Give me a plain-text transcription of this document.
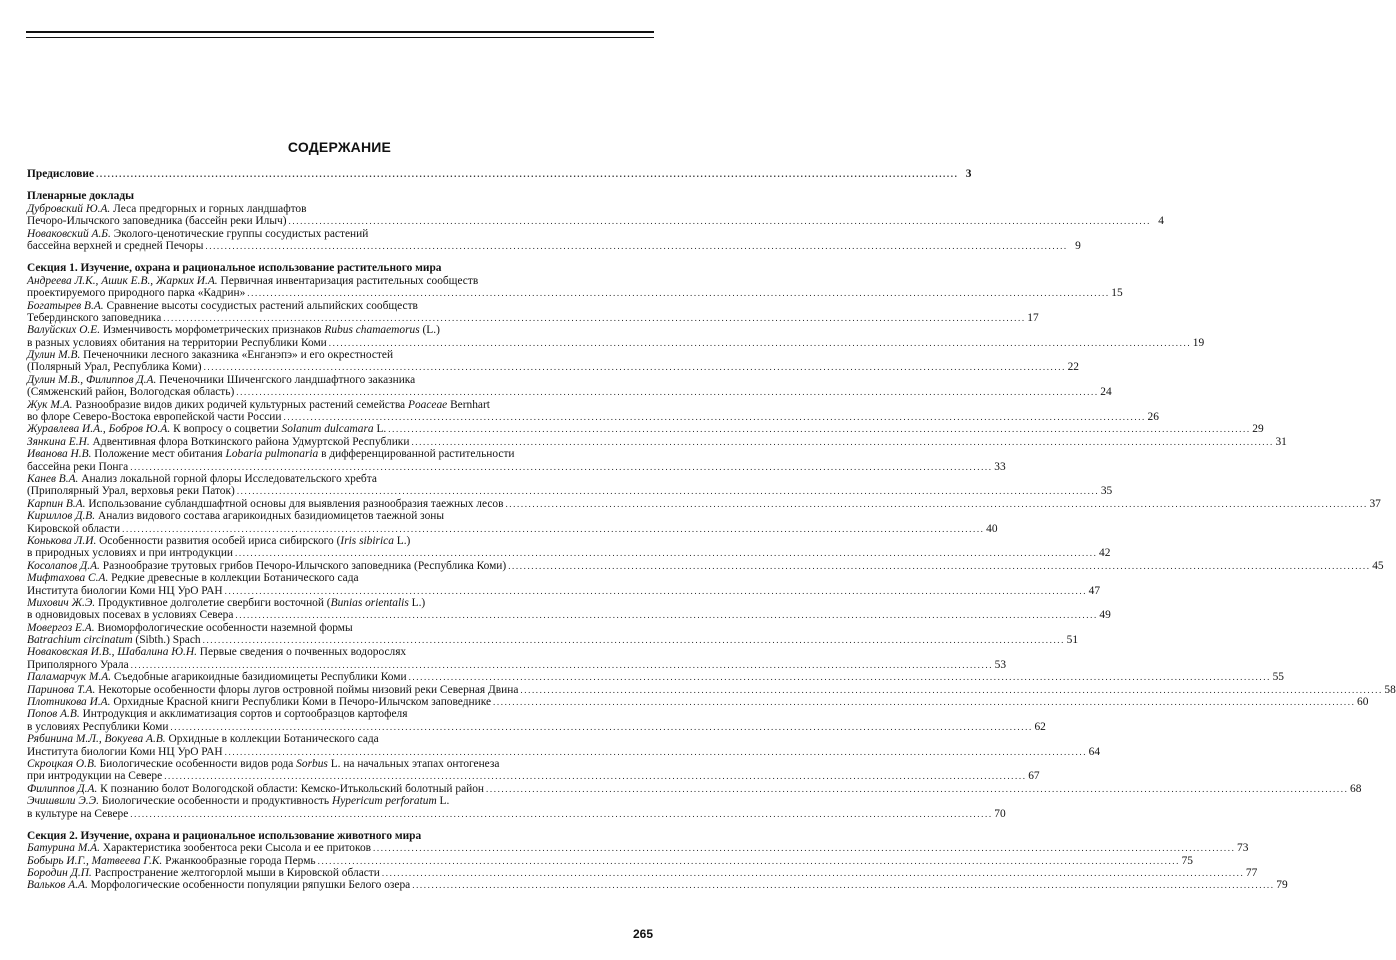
СОДЕРЖАНИЕ
Предисловие .....	3
Пленарные доклады
Дубровский Ю.А. Леса предгорных и горных ландшафтов
Печоро-Илычского заповедника (бассейн реки Илыч) .....	4
Новаковский А.Б. Эколого-ценотические группы сосудистых растений
бассейна верхней и средней Печоры .....	9
Секция 1. Изучение, охрана и рациональное использование растительного мира
Андреева Л.К., Ашик Е.В., Жарких И.А. Первичная инвентаризация растительных сообществ
проектируемого природного парка «Кадрин» .....	15
Богатырев В.А. Сравнение высоты сосудистых растений альпийских сообществ
Тебердинского заповедника .....	17
Валуйских О.Е. Изменчивость морфометрических признаков Rubus chamaemorus (L.)
в разных условиях обитания на территории Республики Коми .....	19
Дулин М.В. Печеночники лесного заказника «Енганэпэ» и его окрестностей
(Полярный Урал, Республика Коми) .....	22
Дулин М.В., Филиппов Д.А. Печеночники Шиченгского ландшафтного заказника
(Сямженский район, Вологодская область) .....	24
Жук М.А. Разнообразие видов диких родичей культурных растений семейства Poaceae Bernhart
во флоре Северо-Востока европейской части России .....	26
Журавлева И.А., Бобров Ю.А. К вопросу о соцветии Solanum dulcamara L. .....	29
Зянкина Е.Н. Адвентивная флора Воткинского района Удмуртской Республики .....	31
Иванова Н.В. Положение мест обитания Lobaria pulmonaria в дифференцированной растительности
бассейна реки Понга .....	33
Канев В.А. Анализ локальной горной флоры Исследовательского хребта
(Приполярный Урал, верховья реки Паток) .....	35
Карпин В.А. Использование субландшафтной основы для выявления разнообразия таежных лесов .....	37
Кириллов Д.В. Анализ видового состава агарикоидных базидиомицетов таежной зоны
Кировской области .....	40
Конькова Л.И. Особенности развития особей ириса сибирского (Iris sibirica L.)
в природных условиях и при интродукции .....	42
Косолапов Д.А. Разнообразие трутовых грибов Печоро-Илычского заповедника (Республика Коми) .....	45
Мифтахова С.А. Редкие древесные в коллекции Ботанического сада
Института биологии Коми НЦ УрО РАН .....	47
Михович Ж.Э. Продуктивное долголетие свербиги восточной (Bunias orientalis L.)
в одновидовых посевах в условиях Севера .....	49
Мовергоз Е.А. Виоморфологические особенности наземной формы
Batrachium circinatum (Sibth.) Spach .....	51
Новаковская И.В., Шабалина Ю.Н. Первые сведения о почвенных водорослях
Приполярного Урала .....	53
Паламарчук М.А. Съедобные агарикоидные базидиомицеты Республики Коми .....	55
Паринова Т.А. Некоторые особенности флоры лугов островной поймы низовий реки Северная Двина .....	58
Плотникова И.А. Орхидные Красной книги Республики Коми в Печоро-Илычском заповеднике .....	60
Попов А.В. Интродукция и акклиматизация сортов и сортообразцов картофеля
в условиях Республики Коми .....	62
Рябинина М.Л., Вокуева А.В. Орхидные в коллекции Ботанического сада
Института биологии Коми НЦ УрО РАН .....	64
Скроцкая О.В. Биологические особенности видов рода Sorbus L. на начальных этапах онтогенеза
при интродукции на Севере .....	67
Филиппов Д.А. К познанию болот Вологодской области: Кемско-Итькольский болотный район .....	68
Эчишвили Э.Э. Биологические особенности и продуктивность Hypericum perforatum L.
в культуре на Севере .....	70
Секция 2. Изучение, охрана и рациональное использование животного мира
Батурина М.А. Характеристика зообентоса реки Сысола и ее притоков .....	73
Бобырь И.Г., Матвеева Г.К. Ржанкообразные города Пермь .....	75
Бородин Д.П. Распространение желтогорлой мыши в Кировской области .....	77
Вальков А.А. Морфологические особенности популяции ряпушки Белого озера .....	79
265
